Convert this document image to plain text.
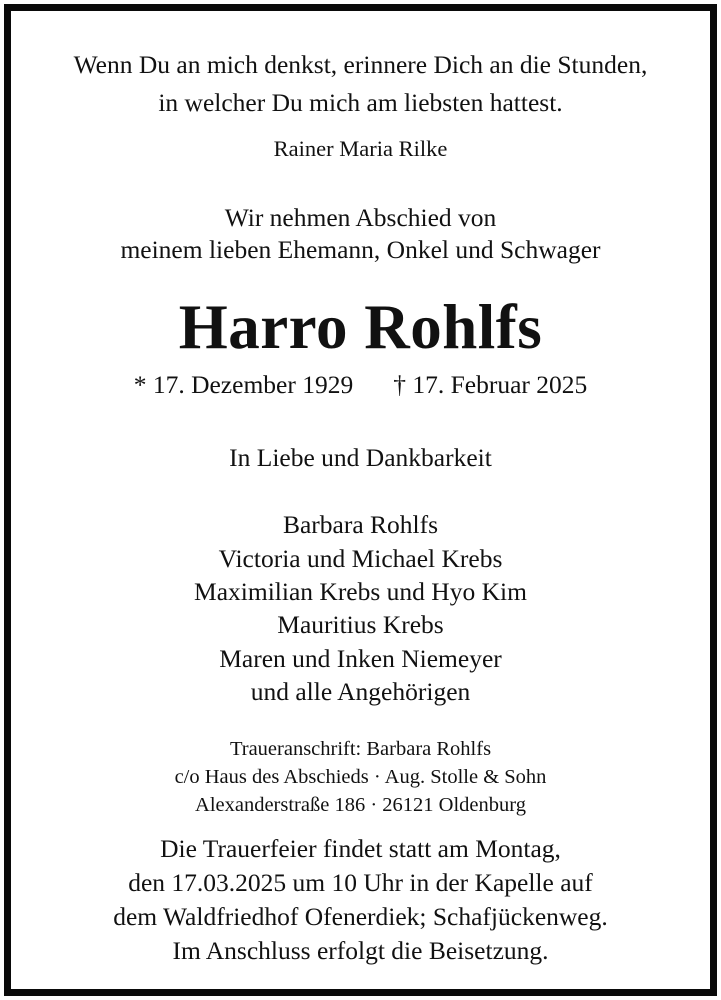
Wenn Du an mich denkst, erinnere Dich an die Stunden,
in welcher Du mich am liebsten hattest.
Rainer Maria Rilke
Wir nehmen Abschied von
meinem lieben Ehemann, Onkel und Schwager
Harro Rohlfs
* 17. Dezember 1929 † 17. Februar 2025
In Liebe und Dankbarkeit
Barbara Rohlfs
Victoria und Michael Krebs
Maximilian Krebs und Hyo Kim
Mauritius Krebs
Maren und Inken Niemeyer
und alle Angehörigen
Traueranschrift: Barbara Rohlfs
c/o Haus des Abschieds · Aug. Stolle & Sohn
Alexanderstraße 186 · 26121 Oldenburg
Die Trauerfeier findet statt am Montag,
den 17.03.2025 um 10 Uhr in der Kapelle auf
dem Waldfriedhof Ofenerdiek; Schafjückenweg.
Im Anschluss erfolgt die Beisetzung.
